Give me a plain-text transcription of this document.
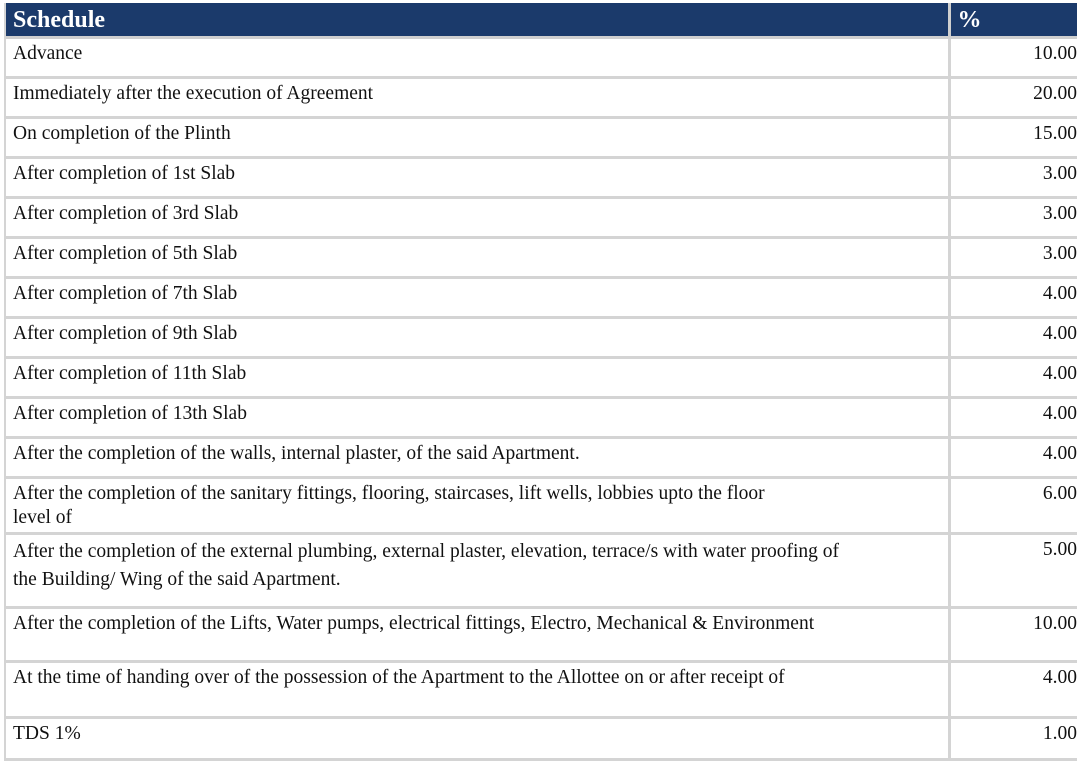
Schedule	%
Advance	10.00
Immediately after the execution of Agreement	20.00
On completion of the Plinth	15.00
After completion of 1st Slab	3.00
After completion of 3rd Slab	3.00
After completion of 5th Slab	3.00
After completion of 7th Slab	4.00
After completion of 9th Slab	4.00
After completion of 11th Slab	4.00
After completion of 13th Slab	4.00
After the completion of the walls, internal plaster, of the said Apartment.	4.00
After the completion of the sanitary fittings, flooring, staircases, lift wells, lobbies upto the floor level of	6.00
After the completion of the external plumbing, external plaster, elevation, terrace/s with water proofing of the Building/ Wing of the said Apartment.	5.00
After the completion of the Lifts, Water pumps, electrical fittings, Electro, Mechanical & Environment	10.00
At the time of handing over of the possession of the Apartment to the Allottee on or after receipt of	4.00
TDS 1%	1.00
